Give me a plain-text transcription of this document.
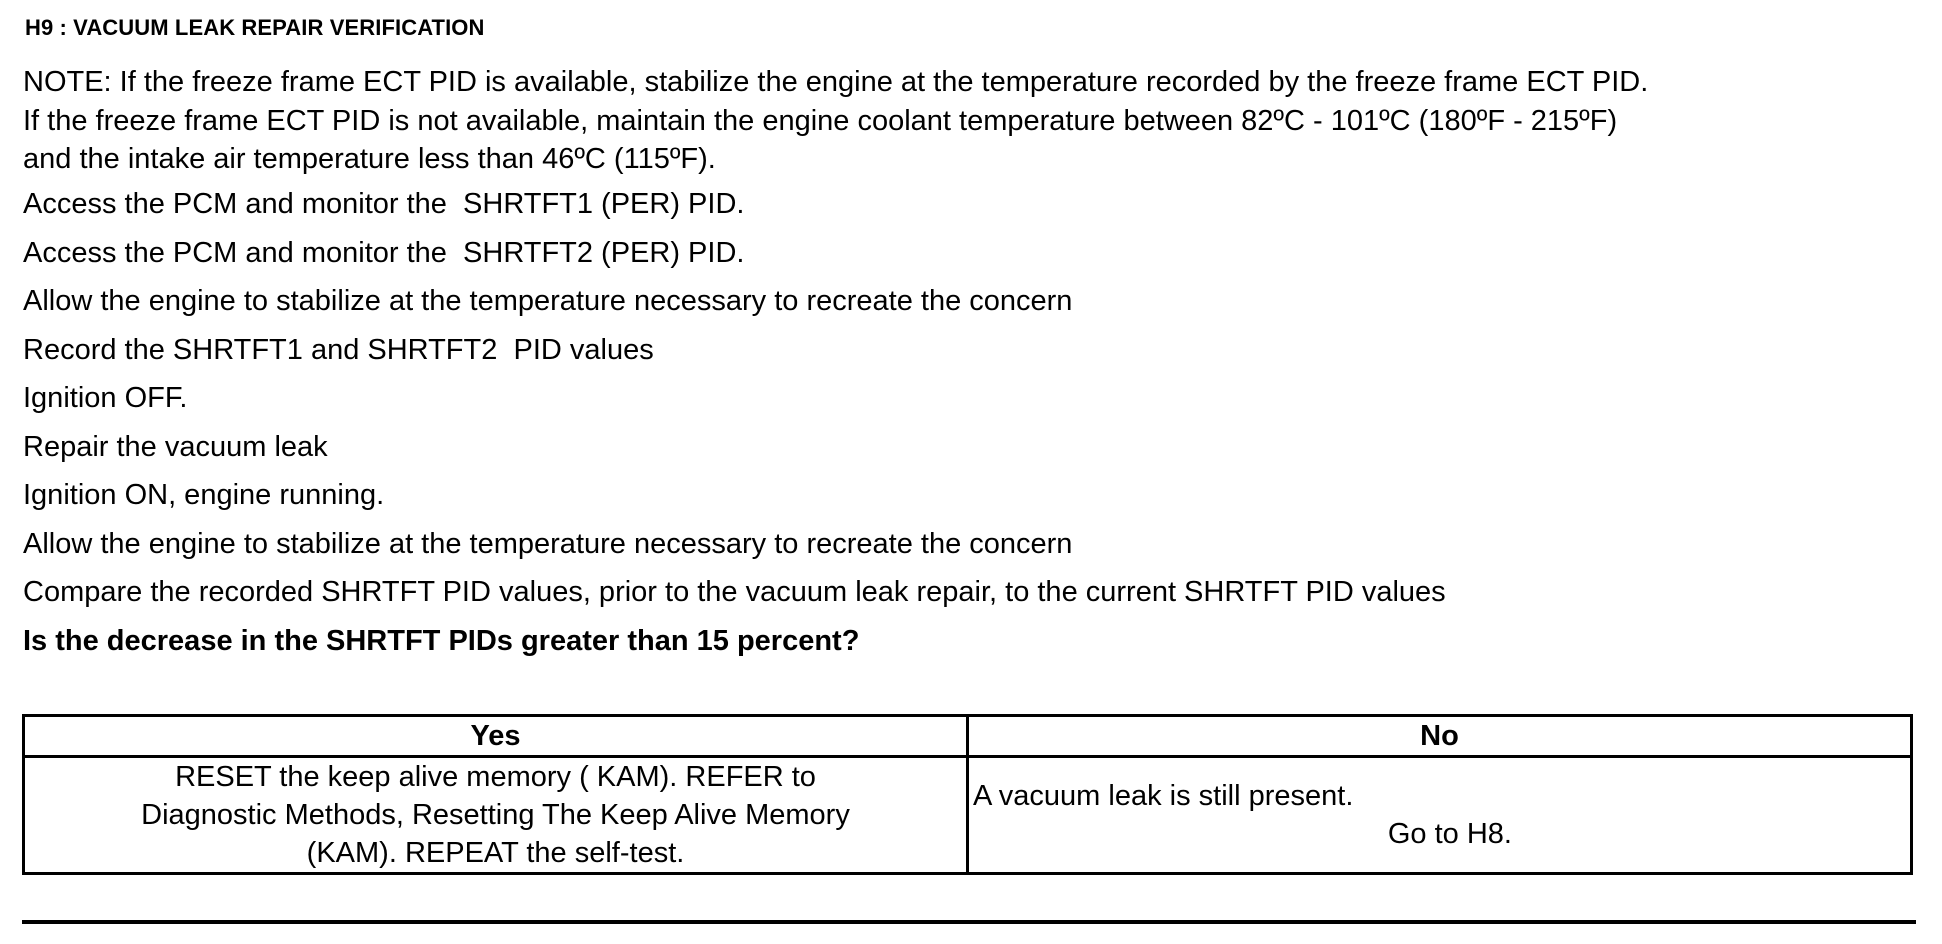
H9 : VACUUM LEAK REPAIR VERIFICATION
NOTE: If the freeze frame ECT PID is available, stabilize the engine at the temperature recorded by the freeze frame ECT PID.
If the freeze frame ECT PID is not available, maintain the engine coolant temperature between 82ºC - 101ºC (180ºF - 215ºF)
and the intake air temperature less than 46ºC (115ºF).
Access the PCM and monitor the  SHRTFT1 (PER) PID.
Access the PCM and monitor the  SHRTFT2 (PER) PID.
Allow the engine to stabilize at the temperature necessary to recreate the concern
Record the SHRTFT1 and SHRTFT2  PID values
Ignition OFF.
Repair the vacuum leak
Ignition ON, engine running.
Allow the engine to stabilize at the temperature necessary to recreate the concern
Compare the recorded SHRTFT PID values, prior to the vacuum leak repair, to the current SHRTFT PID values
Is the decrease in the SHRTFT PIDs greater than 15 percent?
Yes	No

RESET the keep alive memory ( KAM). REFER to
Diagnostic Methods, Resetting The Keep Alive Memory
(KAM). REPEAT the self-test.	A vacuum leak is still present.
Go to H8.
